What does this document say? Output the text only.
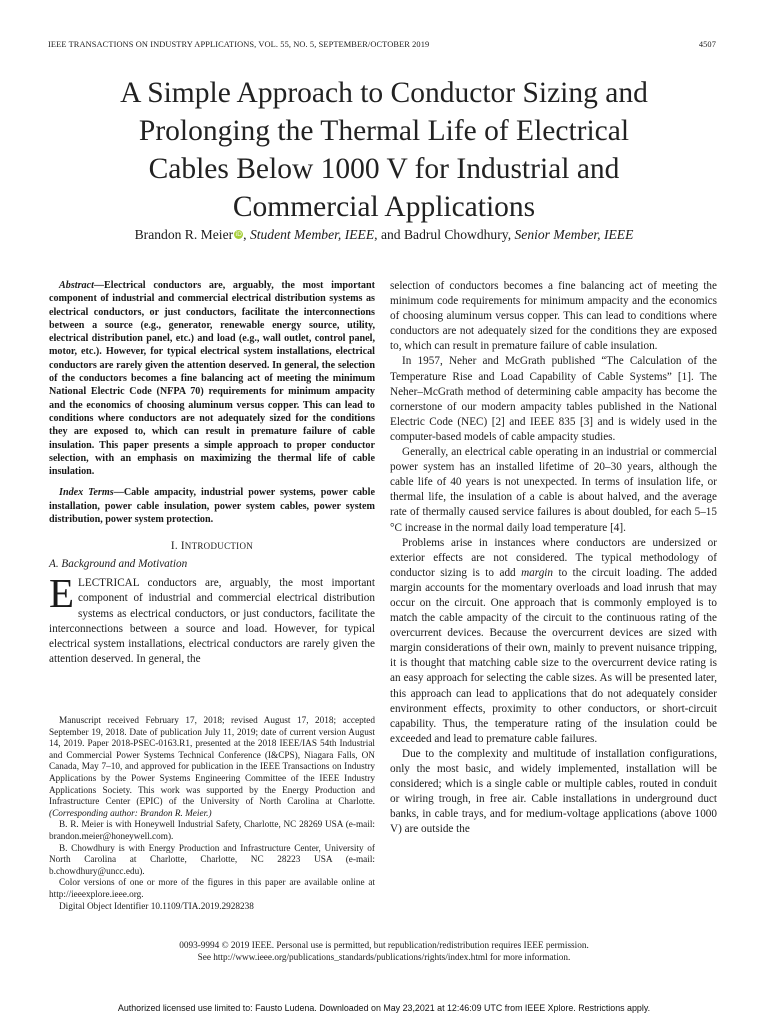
IEEE TRANSACTIONS ON INDUSTRY APPLICATIONS, VOL. 55, NO. 5, SEPTEMBER/OCTOBER 2019	4507
A Simple Approach to Conductor Sizing and
Prolonging the Thermal Life of Electrical
Cables Below 1000 V for Industrial and
Commercial Applications
Brandon R. Meier iD, Student Member, IEEE, and Badrul Chowdhury, Senior Member, IEEE

Abstract—Electrical conductors are, arguably, the most important component of industrial and commercial electrical distribution systems as electrical conductors, or just conductors, facilitate the interconnections between a source (e.g., generator, renewable energy source, utility, electrical distribution panel, etc.) and load (e.g., wall outlet, control panel, motor, etc.). However, for typical electrical system installations, electrical conductors are rarely given the attention deserved. In general, the selection of the conductors becomes a fine balancing act of meeting the minimum National Electric Code (NFPA 70) requirements for minimum ampacity and the economics of choosing aluminum versus copper. This can lead to conditions where conductors are not adequately sized for the conditions they are exposed to, which can result in premature failure of cable insulation. This paper presents a simple approach to proper conductor selection, with an emphasis on maximizing the thermal life of cable insulation.

Index Terms—Cable ampacity, industrial power systems, power cable installation, power cable insulation, power system cables, power system distribution, power system protection.

I. INTRODUCTION
A. Background and Motivation

ELECTRICAL conductors are, arguably, the most important component of industrial and commercial electrical distribution systems as electrical conductors, or just conductors, facilitate the interconnections between a source and load. However, for typical electrical system installations, electrical conductors are rarely given the attention deserved. In general, the

Manuscript received February 17, 2018; revised August 17, 2018; accepted September 19, 2018. Date of publication July 11, 2019; date of current version August 14, 2019. Paper 2018-PSEC-0163.R1, presented at the 2018 IEEE/IAS 54th Industrial and Commercial Power Systems Technical Conference (I&CPS), Niagara Falls, ON Canada, May 7–10, and approved for publication in the IEEE Transactions on Industry Applications by the Power Systems Engineering Committee of the IEEE Industry Applications Society. This work was supported by the Energy Production and Infrastructure Center (EPIC) of the University of North Carolina at Charlotte. (Corresponding author: Brandon R. Meier.)

B. R. Meier is with Honeywell Industrial Safety, Charlotte, NC 28269 USA (e-mail: brandon.meier@honeywell.com).

B. Chowdhury is with Energy Production and Infrastructure Center, University of North Carolina at Charlotte, Charlotte, NC 28223 USA (e-mail: b.chowdhury@uncc.edu).

Color versions of one or more of the figures in this paper are available online at http://ieeexplore.ieee.org.

Digital Object Identifier 10.1109/TIA.2019.2928238

selection of conductors becomes a fine balancing act of meeting the minimum code requirements for minimum ampacity and the economics of choosing aluminum versus copper. This can lead to conditions where conductors are not adequately sized for the conditions they are exposed to, which can result in premature failure of cable insulation.

In 1957, Neher and McGrath published “The Calculation of the Temperature Rise and Load Capability of Cable Systems” [1]. The Neher–McGrath method of determining cable ampacity has become the cornerstone of our modern ampacity tables published in the National Electric Code (NEC) [2] and IEEE 835 [3] and is widely used in the computer-based models of cable ampacity studies.

Generally, an electrical cable operating in an industrial or commercial power system has an installed lifetime of 20–30 years, although the cable life of 40 years is not unexpected. In terms of insulation life, or thermal life, the insulation of a cable is about halved, and the average rate of thermally caused service failures is about doubled, for each 5–15 °C increase in the normal daily load temperature [4].

Problems arise in instances where conductors are undersized or exterior effects are not considered. The typical methodology of conductor sizing is to add margin to the circuit loading. The added margin accounts for the momentary overloads and load inrush that may occur on the circuit. One approach that is commonly employed is to match the cable ampacity of the circuit to the continuous rating of the overcurrent devices. Because the overcurrent devices are sized with margin considerations of their own, mainly to prevent nuisance tripping, it is thought that matching cable size to the overcurrent device rating is an easy approach for selecting the cable sizes. As will be presented later, this approach can lead to applications that do not adequately consider environment effects, proximity to other conductors, or short-circuit capability. Thus, the temperature rating of the insulation could be exceeded and lead to premature cable failures.

Due to the complexity and multitude of installation configurations, only the most basic, and widely implemented, installation will be considered; which is a single cable or multiple cables, routed in conduit or wiring trough, in free air. Cable installations in underground duct banks, in cable trays, and for medium-voltage applications (above 1000 V) are outside the

0093-9994 © 2019 IEEE. Personal use is permitted, but republication/redistribution requires IEEE permission.
See http://www.ieee.org/publications_standards/publications/rights/index.html for more information.
Authorized licensed use limited to: Fausto Ludena. Downloaded on May 23,2021 at 12:46:09 UTC from IEEE Xplore. Restrictions apply.
